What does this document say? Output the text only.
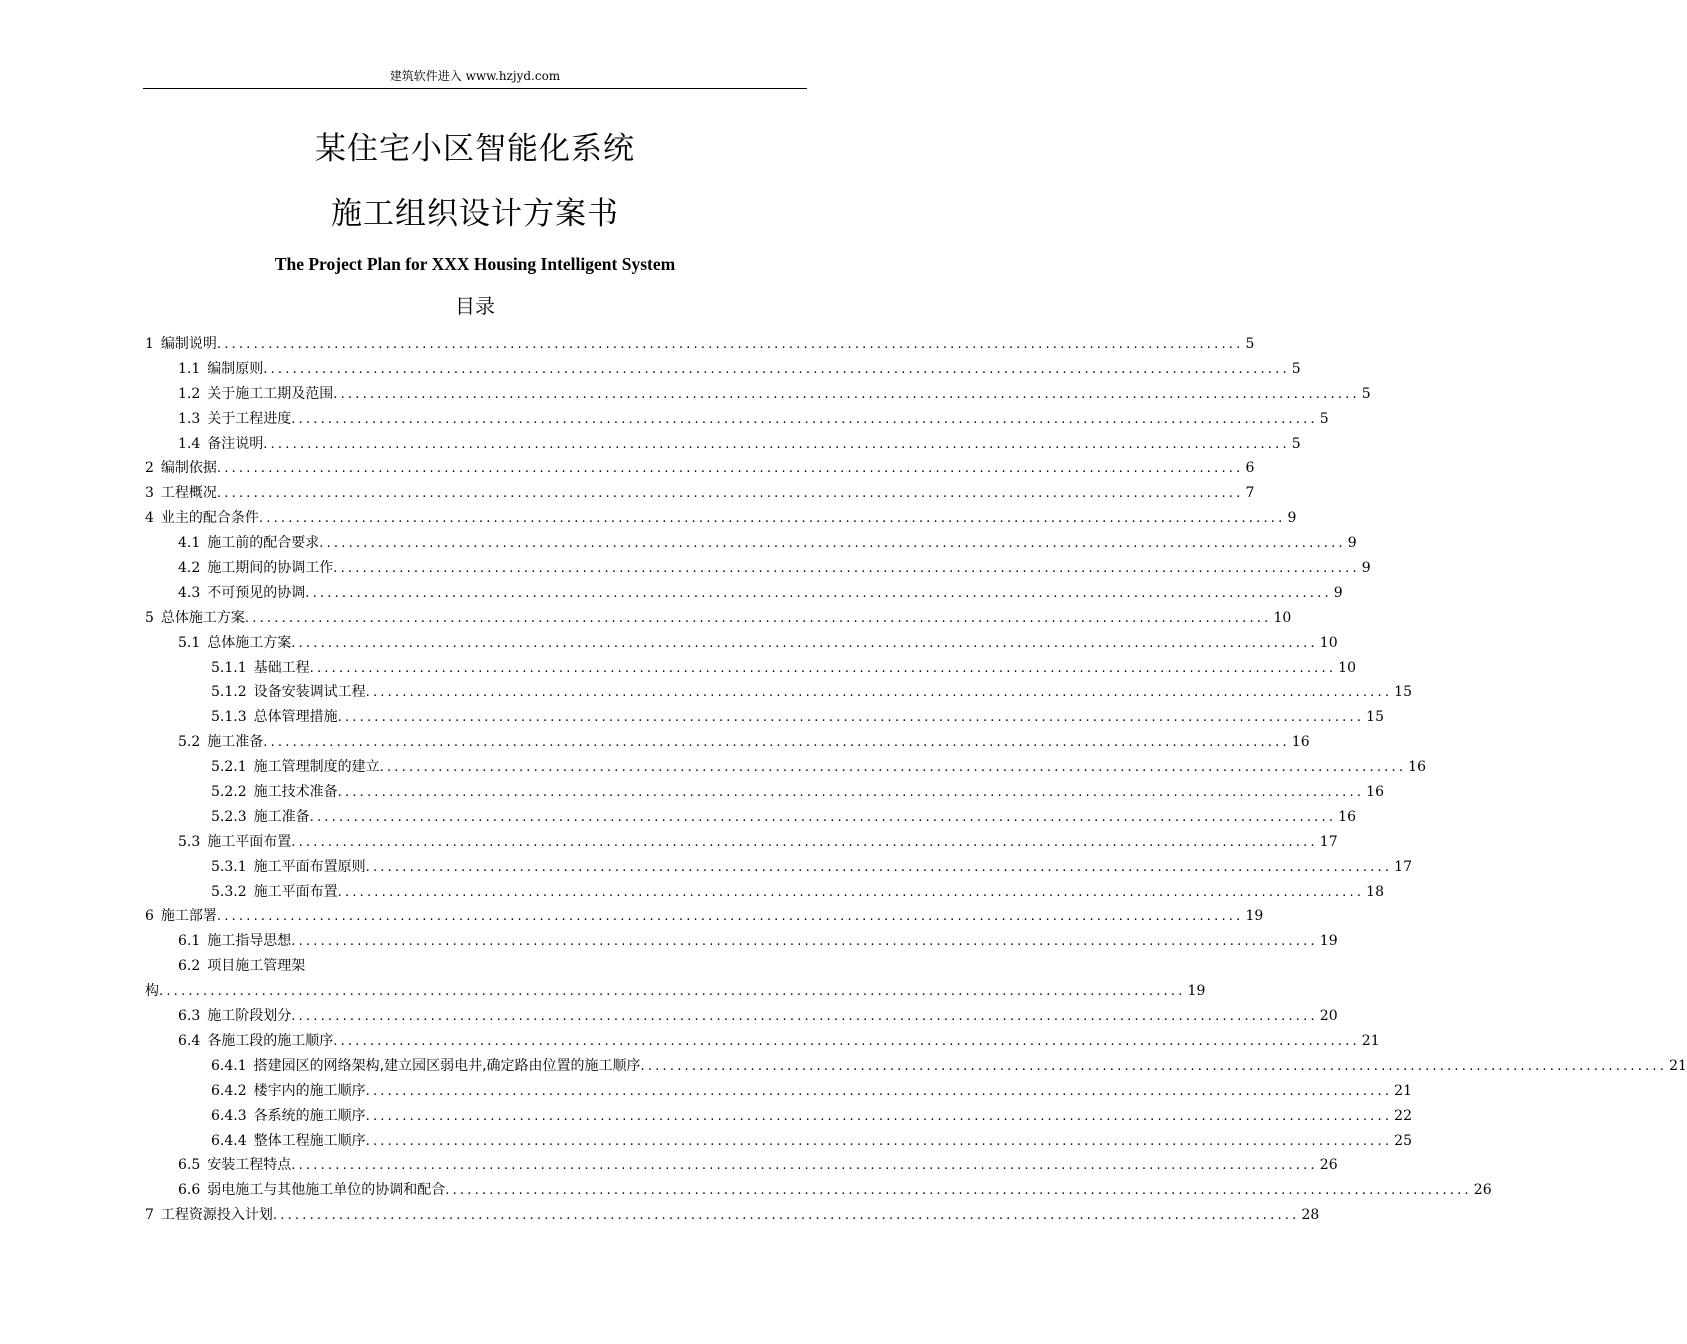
建筑软件进入 www.hzjyd.com
某住宅小区智能化系统
施工组织设计方案书
The Project Plan for XXX Housing Intelligent System
目录
1 编制说明 ............................................................................................................................................ 5
1.1 编制原则 ............................................................................................................................................ 5
1.2 关于施工工期及范围 ............................................................................................................................................ 5
1.3 关于工程进度 ............................................................................................................................................ 5
1.4 备注说明 ............................................................................................................................................ 5
2 编制依据 ............................................................................................................................................ 6
3 工程概况 ............................................................................................................................................ 7
4 业主的配合条件 ............................................................................................................................................ 9
4.1 施工前的配合要求 ............................................................................................................................................ 9
4.2 施工期间的协调工作 ............................................................................................................................................ 9
4.3 不可预见的协调 ............................................................................................................................................ 9
5 总体施工方案 ............................................................................................................................................ 10
5.1 总体施工方案 ............................................................................................................................................ 10
5.1.1 基础工程 ............................................................................................................................................ 10
5.1.2 设备安装调试工程 ............................................................................................................................................ 15
5.1.3 总体管理措施 ............................................................................................................................................ 15
5.2 施工准备 ............................................................................................................................................ 16
5.2.1 施工管理制度的建立 ............................................................................................................................................ 16
5.2.2 施工技术准备 ............................................................................................................................................ 16
5.2.3 施工准备 ............................................................................................................................................ 16
5.3 施工平面布置 ............................................................................................................................................ 17
5.3.1 施工平面布置原则 ............................................................................................................................................ 17
5.3.2 施工平面布置 ............................................................................................................................................ 18
6 施工部署 ............................................................................................................................................ 19
6.1 施工指导思想 ............................................................................................................................................ 19
6.2 项目施工管理架
构 ............................................................................................................................................ 19
6.3 施工阶段划分 ............................................................................................................................................ 20
6.4 各施工段的施工顺序 ............................................................................................................................................ 21
6.4.1 搭建园区的网络架构,建立园区弱电井,确定路由位置的施工顺序 ............................................................................................................................................ 21
6.4.2 楼宇内的施工顺序 ............................................................................................................................................ 21
6.4.3 各系统的施工顺序 ............................................................................................................................................ 22
6.4.4 整体工程施工顺序 ............................................................................................................................................ 25
6.5 安装工程特点 ............................................................................................................................................ 26
6.6 弱电施工与其他施工单位的协调和配合 ............................................................................................................................................ 26
7 工程资源投入计划 ............................................................................................................................................ 28
